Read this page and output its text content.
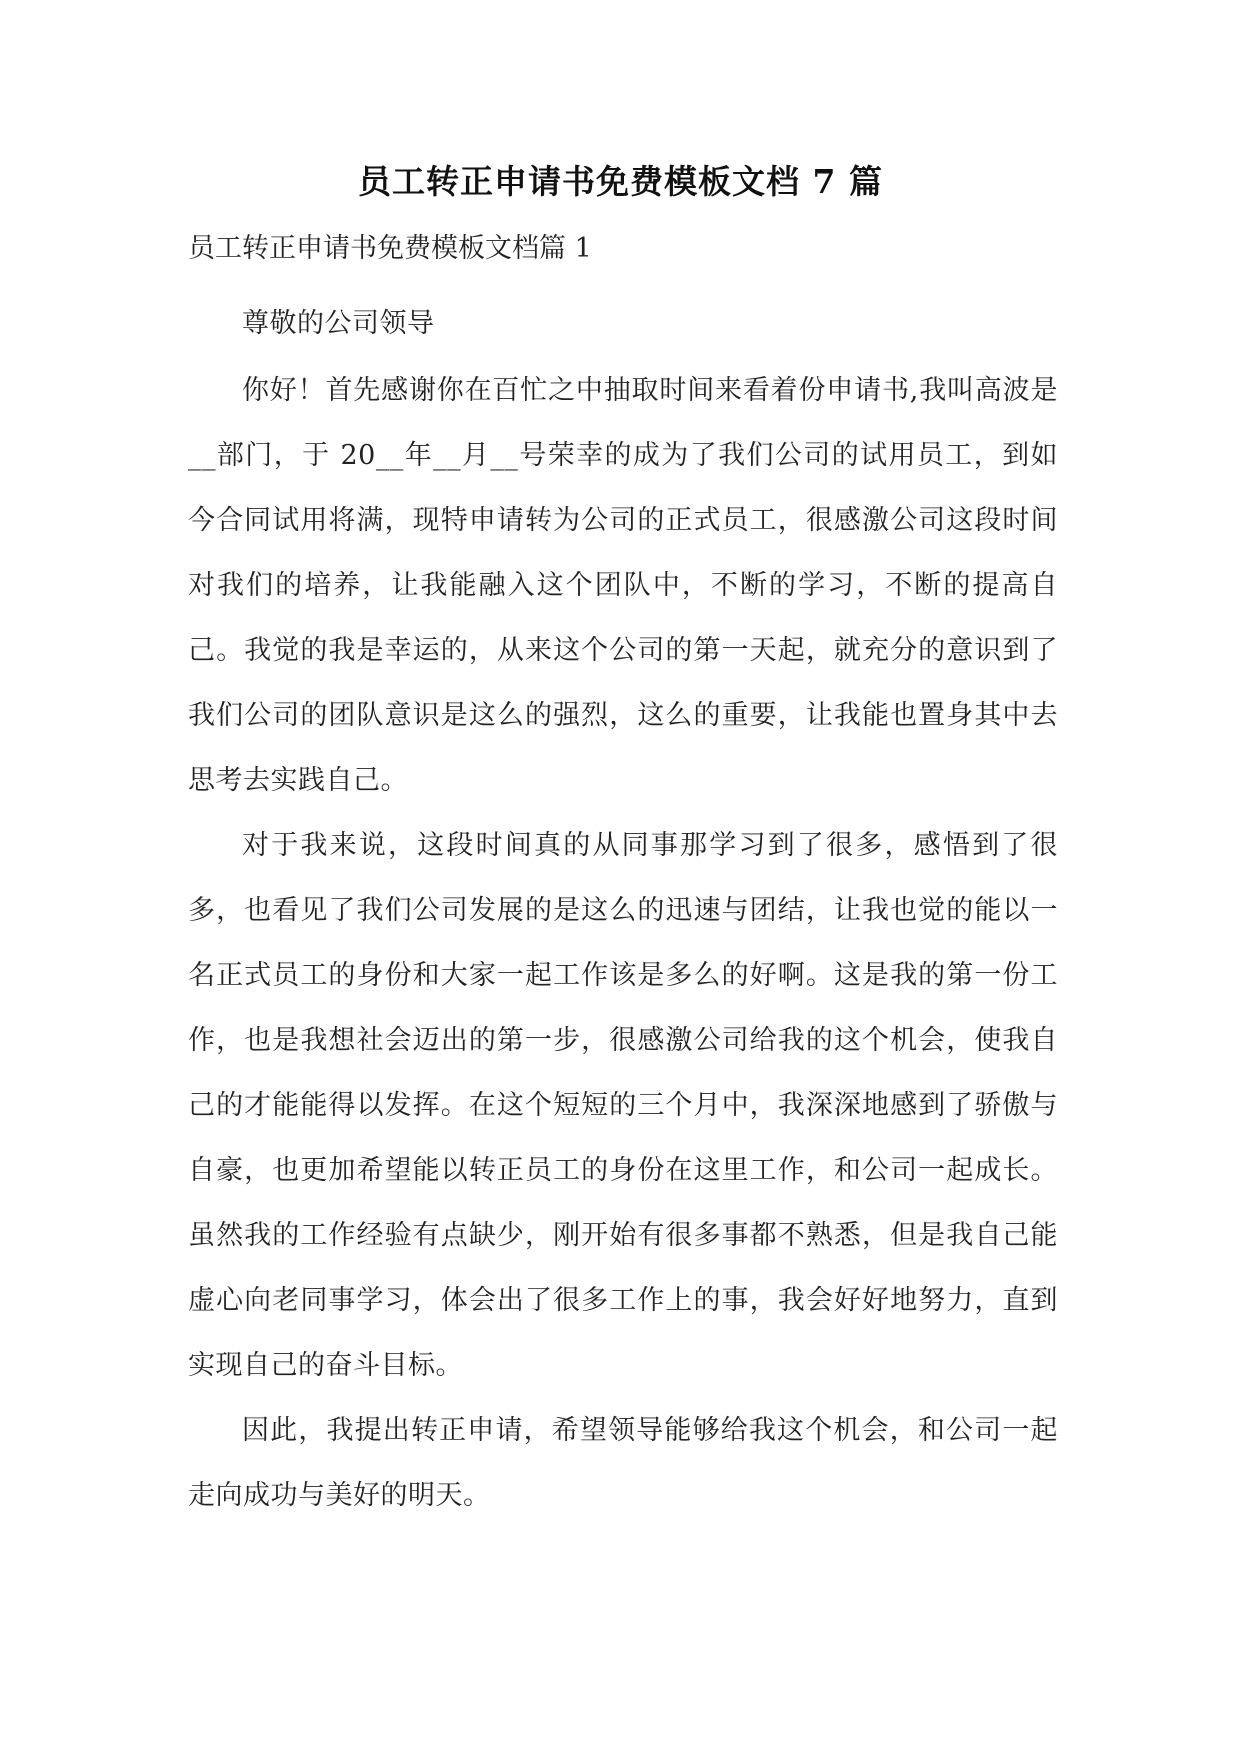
员工转正申请书免费模板文档 7 篇
员工转正申请书免费模板文档篇 1

尊敬的公司领导

你好！首先感谢你在百忙之中抽取时间来看着份申请书,我叫高波是__部门，于 20__年__月__号荣幸的成为了我们公司的试用员工，到如今合同试用将满，现特申请转为公司的正式员工，很感激公司这段时间对我们的培养，让我能融入这个团队中，不断的学习，不断的提高自己。我觉的我是幸运的，从来这个公司的第一天起，就充分的意识到了我们公司的团队意识是这么的强烈，这么的重要，让我能也置身其中去思考去实践自己。

对于我来说，这段时间真的从同事那学习到了很多，感悟到了很多，也看见了我们公司发展的是这么的迅速与团结，让我也觉的能以一名正式员工的身份和大家一起工作该是多么的好啊。这是我的第一份工作，也是我想社会迈出的第一步，很感激公司给我的这个机会，使我自己的才能能得以发挥。在这个短短的三个月中，我深深地感到了骄傲与自豪，也更加希望能以转正员工的身份在这里工作，和公司一起成长。虽然我的工作经验有点缺少，刚开始有很多事都不熟悉，但是我自己能虚心向老同事学习，体会出了很多工作上的事，我会好好地努力，直到实现自己的奋斗目标。

因此，我提出转正申请，希望领导能够给我这个机会，和公司一起走向成功与美好的明天。
